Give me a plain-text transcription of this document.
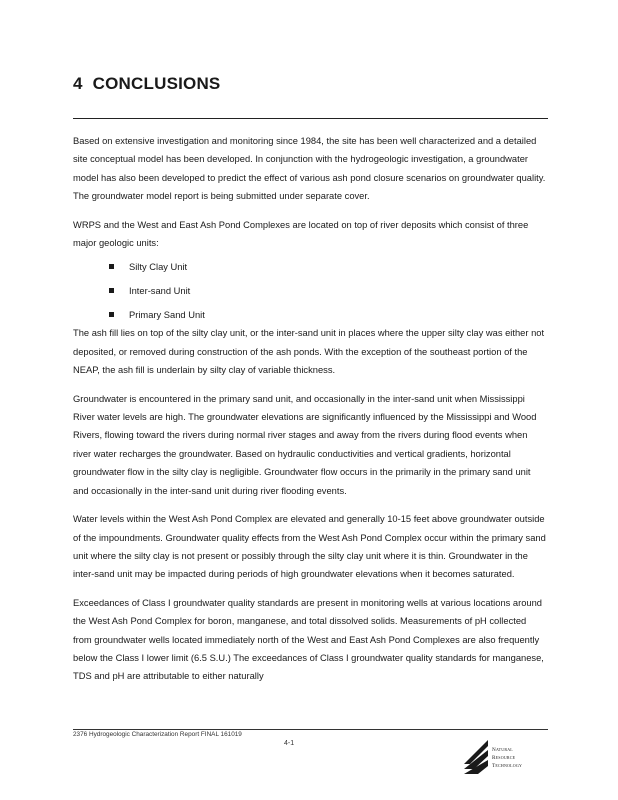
4 CONCLUSIONS

Based on extensive investigation and monitoring since 1984, the site has been well characterized and a detailed site conceptual model has been developed. In conjunction with the hydrogeologic investigation, a groundwater model has also been developed to predict the effect of various ash pond closure scenarios on groundwater quality. The groundwater model report is being submitted under separate cover.

WRPS and the West and East Ash Pond Complexes are located on top of river deposits which consist of three major geologic units:

Silty Clay Unit
Inter-sand Unit
Primary Sand Unit

The ash fill lies on top of the silty clay unit, or the inter-sand unit in places where the upper silty clay was either not deposited, or removed during construction of the ash ponds. With the exception of the southeast portion of the NEAP, the ash fill is underlain by silty clay of variable thickness.

Groundwater is encountered in the primary sand unit, and occasionally in the inter-sand unit when Mississippi River water levels are high. The groundwater elevations are significantly influenced by the Mississippi and Wood Rivers, flowing toward the rivers during normal river stages and away from the rivers during flood events when river water recharges the groundwater. Based on hydraulic conductivities and vertical gradients, horizontal groundwater flow in the silty clay is negligible. Groundwater flow occurs in the primarily in the primary sand unit and occasionally in the inter-sand unit during river flooding events.

Water levels within the West Ash Pond Complex are elevated and generally 10-15 feet above groundwater outside of the impoundments. Groundwater quality effects from the West Ash Pond Complex occur within the primary sand unit where the silty clay is not present or possibly through the silty clay unit where it is thin. Groundwater in the inter-sand unit may be impacted during periods of high groundwater elevations when it becomes saturated.

Exceedances of Class I groundwater quality standards are present in monitoring wells at various locations around the West Ash Pond Complex for boron, manganese, and total dissolved solids. Measurements of pH collected from groundwater wells located immediately north of the West and East Ash Pond Complexes are also frequently below the Class I lower limit (6.5 S.U.) The exceedances of Class I groundwater quality standards for manganese, TDS and pH are attributable to either naturally

2376 Hydrogeologic Characterization Report FINAL 161019
4-1
Natural
Resource
Technology
